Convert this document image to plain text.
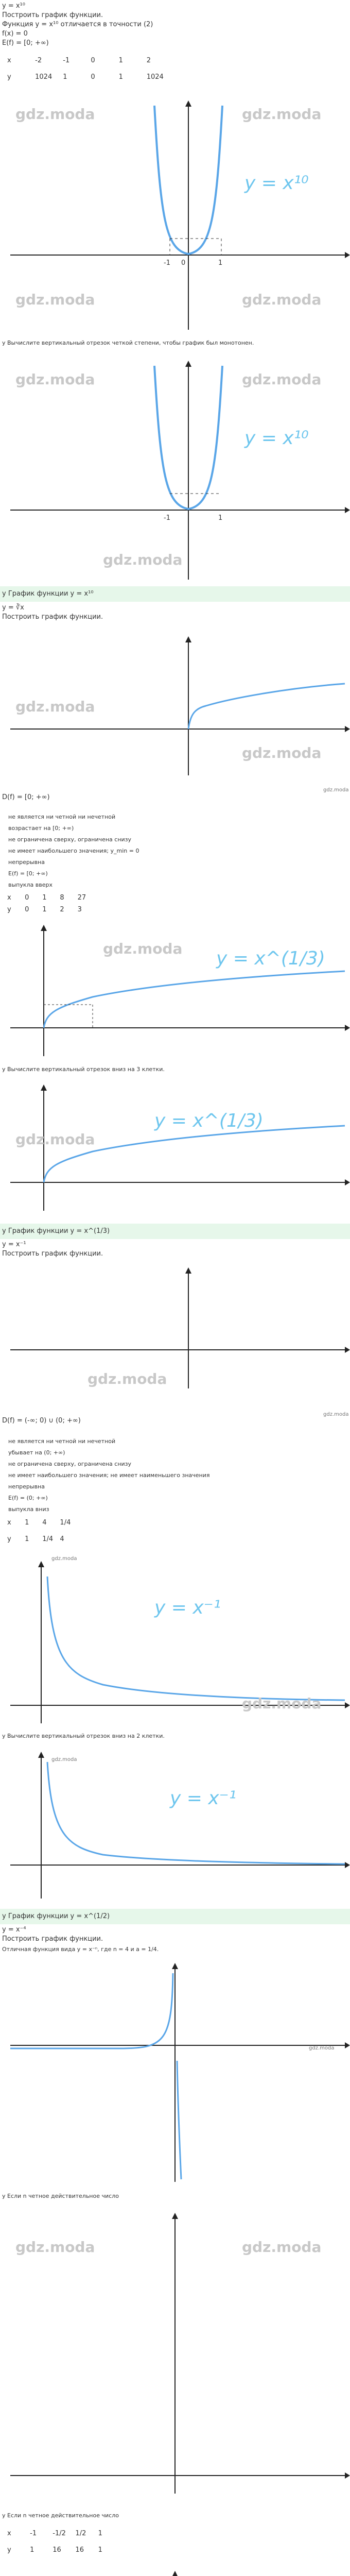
y = x¹⁰
Построить график функции.
Функция y = x¹⁰ отличается в точности (2)
f(x) = 0
E(f) = [0; +∞)
x	-2	-1	0	1	2
y	1024 1	0	1	1024
gdz.moda	gdz.moda
gdz.moda	gdz.moda
y = x¹⁰
-1 0	1
y Вычислите вертикальный отрезок четкой степени, чтобы график был монотонен.
gdz.moda	gdz.moda
gdz.moda
y = x¹⁰
-1	1
y График функции y = x¹⁰
y = ∛x
Построить график функции.
gdz.moda
gdz.moda
gdz.moda
D(f) = [0; +∞)
не является ни четной ни нечетной
возрастает на [0; +∞)
не ограничена сверху, ограничена снизу
не имеет наибольшего значения; y_min = 0
непрерывна
E(f) = [0; +∞)
выпукла вверх
x 0 1 8 27
y 0 1 2 3
gdz.moda y = x^(1/3)
y Вычислите вертикальный отрезок вниз на 3 клетки.
gdz.moda
y = x^(1/3)
y График функции y = x^(1/3)
y = x⁻¹
Построить график функции.
gdz.moda
gdz.moda
D(f) = (-∞; 0) ∪ (0; +∞)
не является ни четной ни нечетной
убывает на (0; +∞)
не ограничена сверху, ограничена снизу
не имеет наибольшего значения; не имеет наименьшего значения
непрерывна
E(f) = (0; +∞)
выпукла вниз
x 1 4 1/4
y 1 1/4 4
gdz.moda
y = x⁻¹
gdz.moda
y Вычислите вертикальный отрезок вниз на 2 клетки.
gdz.moda
y = x⁻¹
y График функции y = x^(1/2)
y = x⁻⁴
Построить график функции.
Отличная функция вида y = x⁻ⁿ, где n = 4 и a = 1/4.
gdz.moda
y Если n четное действительное число
gdz.moda	gdz.moda
y Если n четное действительное число
x	-1 -1/2 1/2 1
y	1	16 16 1
